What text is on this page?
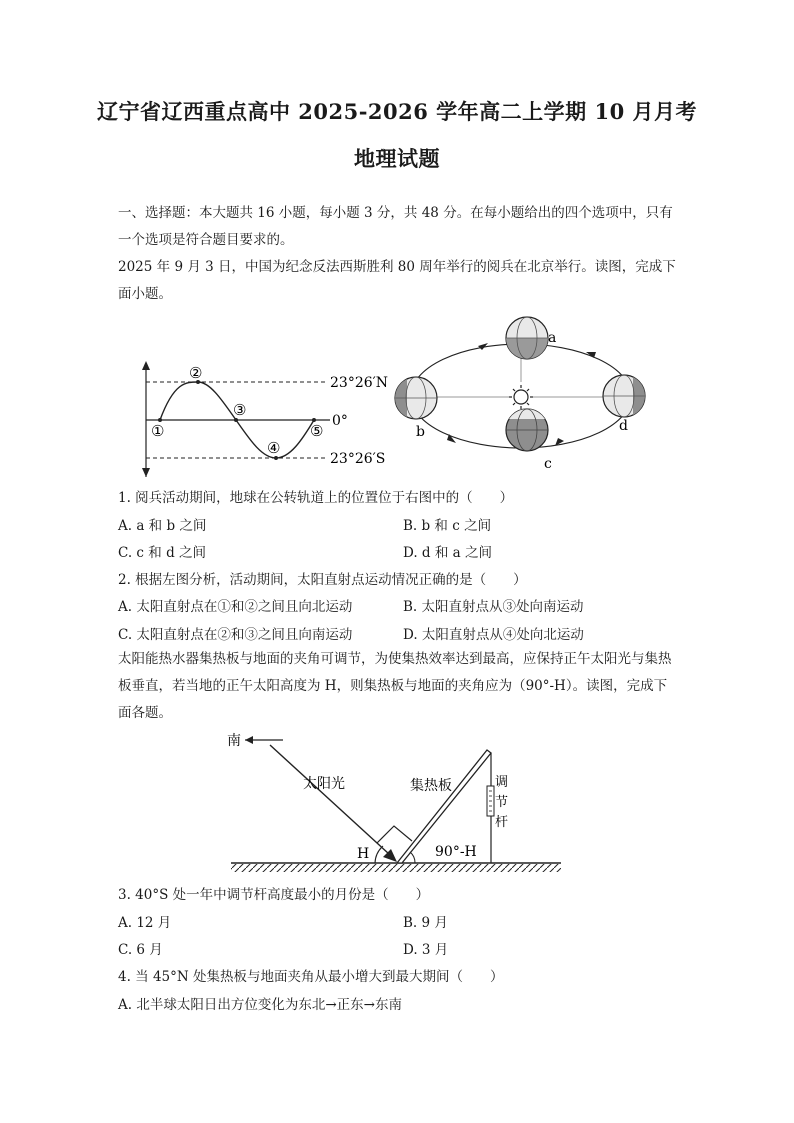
辽宁省辽西重点高中 2025-2026 学年高二上学期 10 月月考
地理试题
一、选择题：本大题共 16 小题，每小题 3 分，共 48 分。在每小题给出的四个选项中，只有一个选项是符合题目要求的。
2025 年 9 月 3 日，中国为纪念反法西斯胜利 80 周年举行的阅兵在北京举行。读图，完成下面小题。
①
②
③
④
⑤
23°26′N
0°
23°26′S
a
b
c
d
1. 阅兵活动期间，地球在公转轨道上的位置位于右图中的（　　）
A. a 和 b 之间	B. b 和 c 之间
C. c 和 d 之间	D. d 和 a 之间
2. 根据左图分析，活动期间，太阳直射点运动情况正确的是（　　）
A. 太阳直射点在①和②之间且向北运动	B. 太阳直射点从③处向南运动
C. 太阳直射点在②和③之间且向南运动	D. 太阳直射点从④处向北运动
太阳能热水器集热板与地面的夹角可调节，为使集热效率达到最高，应保持正午太阳光与集热板垂直，若当地的正午太阳高度为 H，则集热板与地面的夹角应为（90°-H）。读图，完成下面各题。
南
太阳光	集热板	调
节
杆
H	90°-H
3. 40°S 处一年中调节杆高度最小的月份是（　　）
A. 12 月	B. 9 月
C. 6 月	D. 3 月
4. 当 45°N 处集热板与地面夹角从最小增大到最大期间（　　）
A. 北半球太阳日出方位变化为东北→正东→东南
